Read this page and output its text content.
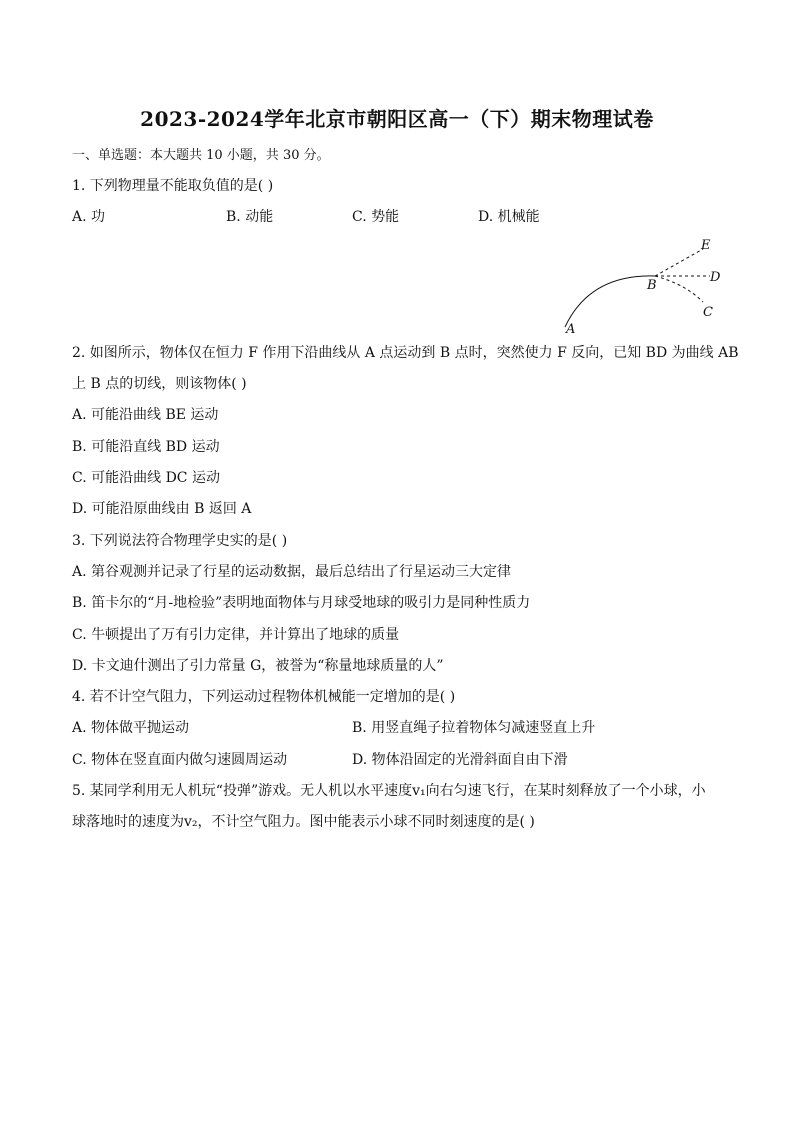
2023-2024学年北京市朝阳区高一（下）期末物理试卷
一、单选题：本大题共 10 小题，共 30 分。
1. 下列物理量不能取负值的是( )
A. 功	B. 动能	C. 势能	D. 机械能
A
B
C
D
E
2. 如图所示，物体仅在恒力 F 作用下沿曲线从 A 点运动到 B 点时，突然使力 F 反向，已知 BD 为曲线 AB
上 B 点的切线，则该物体( )
A. 可能沿曲线 BE 运动
B. 可能沿直线 BD 运动
C. 可能沿曲线 DC 运动
D. 可能沿原曲线由 B 返回 A
3. 下列说法符合物理学史实的是( )
A. 第谷观测并记录了行星的运动数据，最后总结出了行星运动三大定律
B. 笛卡尔的“月-地检验”表明地面物体与月球受地球的吸引力是同种性质力
C. 牛顿提出了万有引力定律，并计算出了地球的质量
D. 卡文迪什测出了引力常量 G，被誉为“称量地球质量的人”
4. 若不计空气阻力，下列运动过程物体机械能一定增加的是( )
A. 物体做平抛运动	B. 用竖直绳子拉着物体匀减速竖直上升
C. 物体在竖直面内做匀速圆周运动	D. 物体沿固定的光滑斜面自由下滑
5. 某同学利用无人机玩“投弹”游戏。无人机以水平速度v₁向右匀速飞行，在某时刻释放了一个小球，小
球落地时的速度为v₂，不计空气阻力。图中能表示小球不同时刻速度的是( )
